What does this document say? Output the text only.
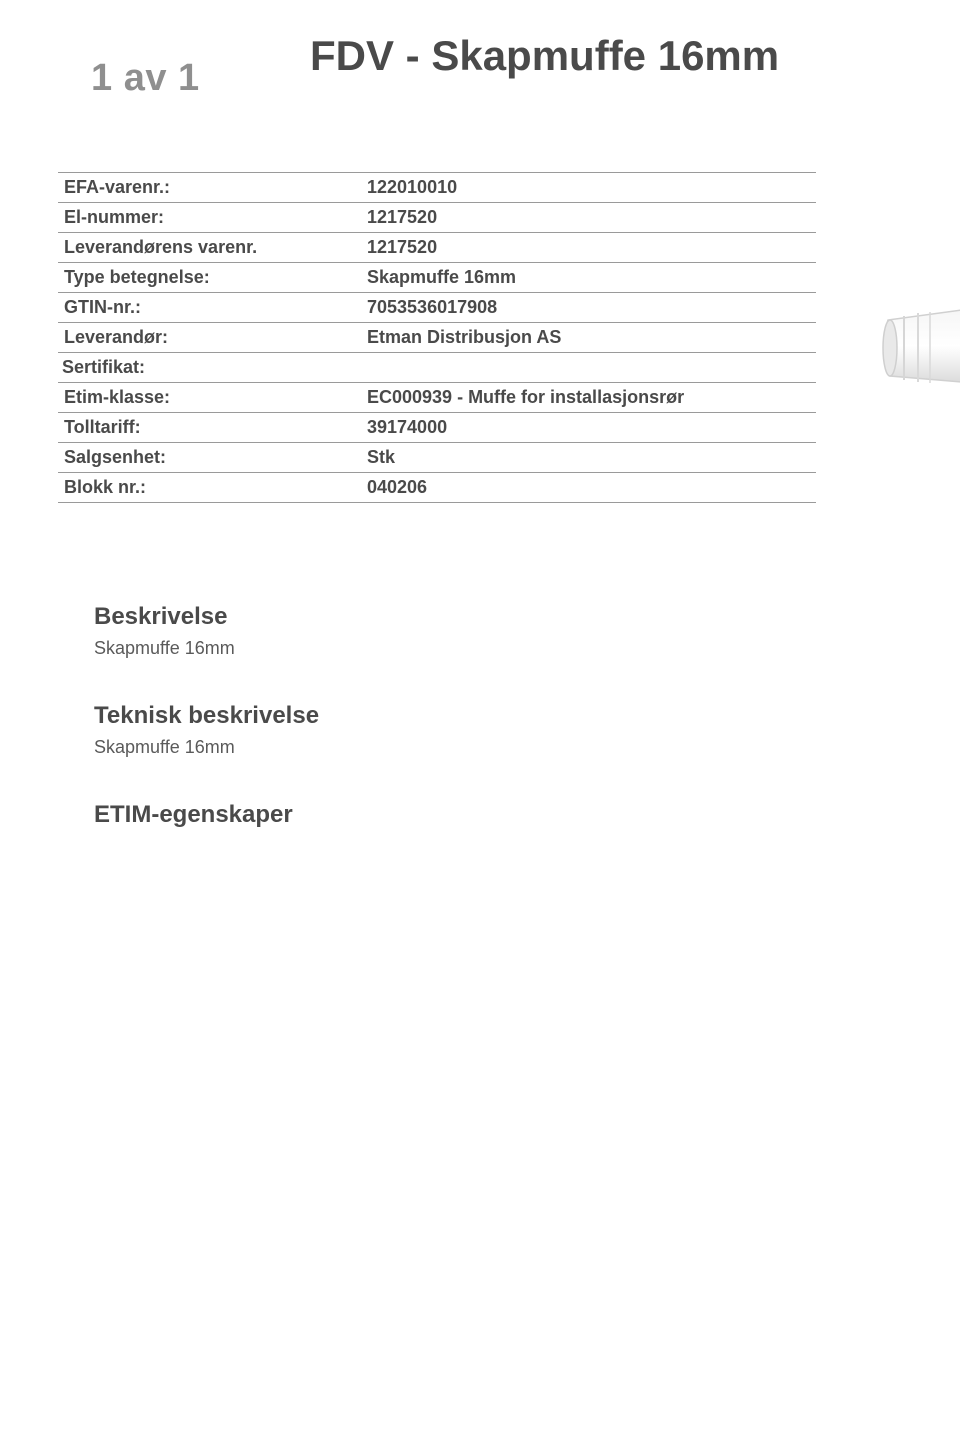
1 av 1	FDV - Skapmuffe 16mm
EFA-varenr.:	122010010
El-nummer:	1217520
Leverandørens varenr.	1217520
Type betegnelse:	Skapmuffe 16mm
GTIN-nr.:	7053536017908
Leverandør:	Etman Distribusjon AS
Sertifikat:	
Etim-klasse:	EC000939 - Muffe for installasjonsrør
Tolltariff:	39174000
Salgsenhet:	Stk
Blokk nr.:	040206
Beskrivelse

Skapmuffe 16mm

Teknisk beskrivelse

Skapmuffe 16mm

ETIM-egenskaper
